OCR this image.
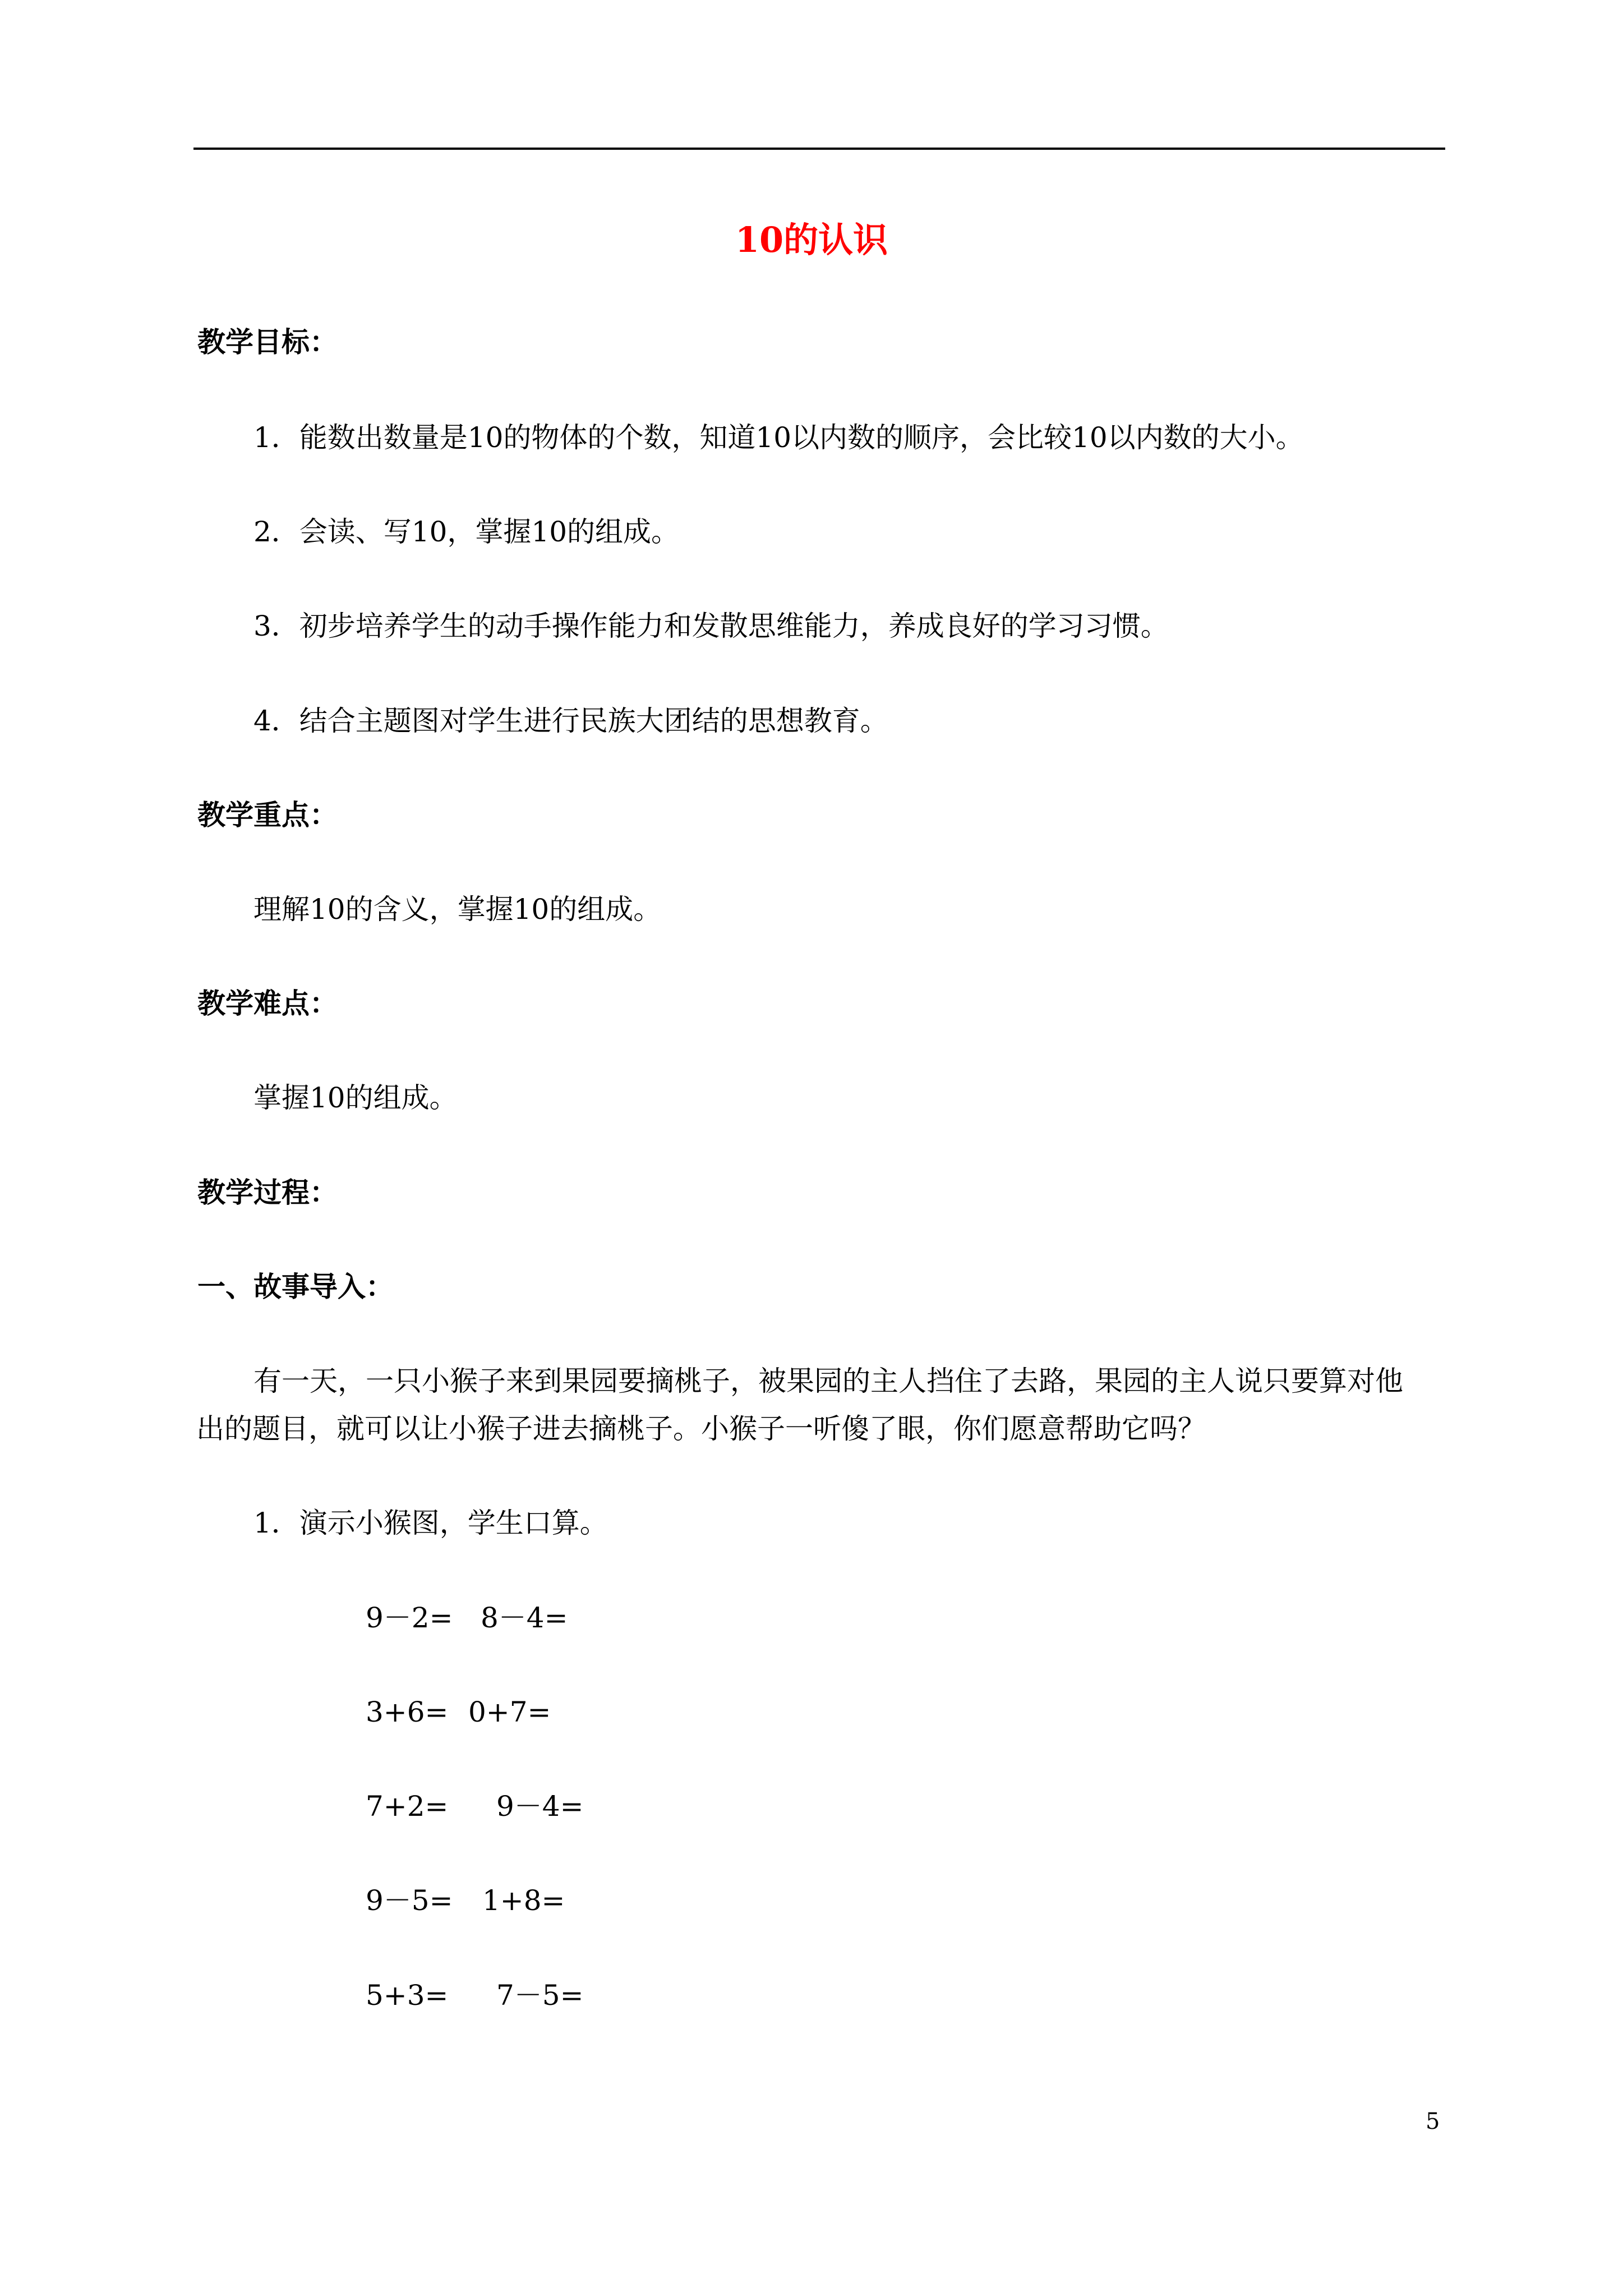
10的认识

教学目标：

1．能数出数量是10的物体的个数，知道10以内数的顺序，会比较10以内数的大小。

2．会读、写10，掌握10的组成。

3．初步培养学生的动手操作能力和发散思维能力，养成良好的学习习惯。

4．结合主题图对学生进行民族大团结的思想教育。

教学重点：

理解10的含义，掌握10的组成。

教学难点：

掌握10的组成。

教学过程：

一、故事导入：

有一天，一只小猴子来到果园要摘桃子，被果园的主人挡住了去路，果园的主人说只要算对他

出的题目，就可以让小猴子进去摘桃子。小猴子一听傻了眼，你们愿意帮助它吗？

1．演示小猴图，学生口算。

9－2= 8－4=

3+6= 0+7=

7+2= 9－4=

9－5= 1+8=

5+3= 7－5=

5
